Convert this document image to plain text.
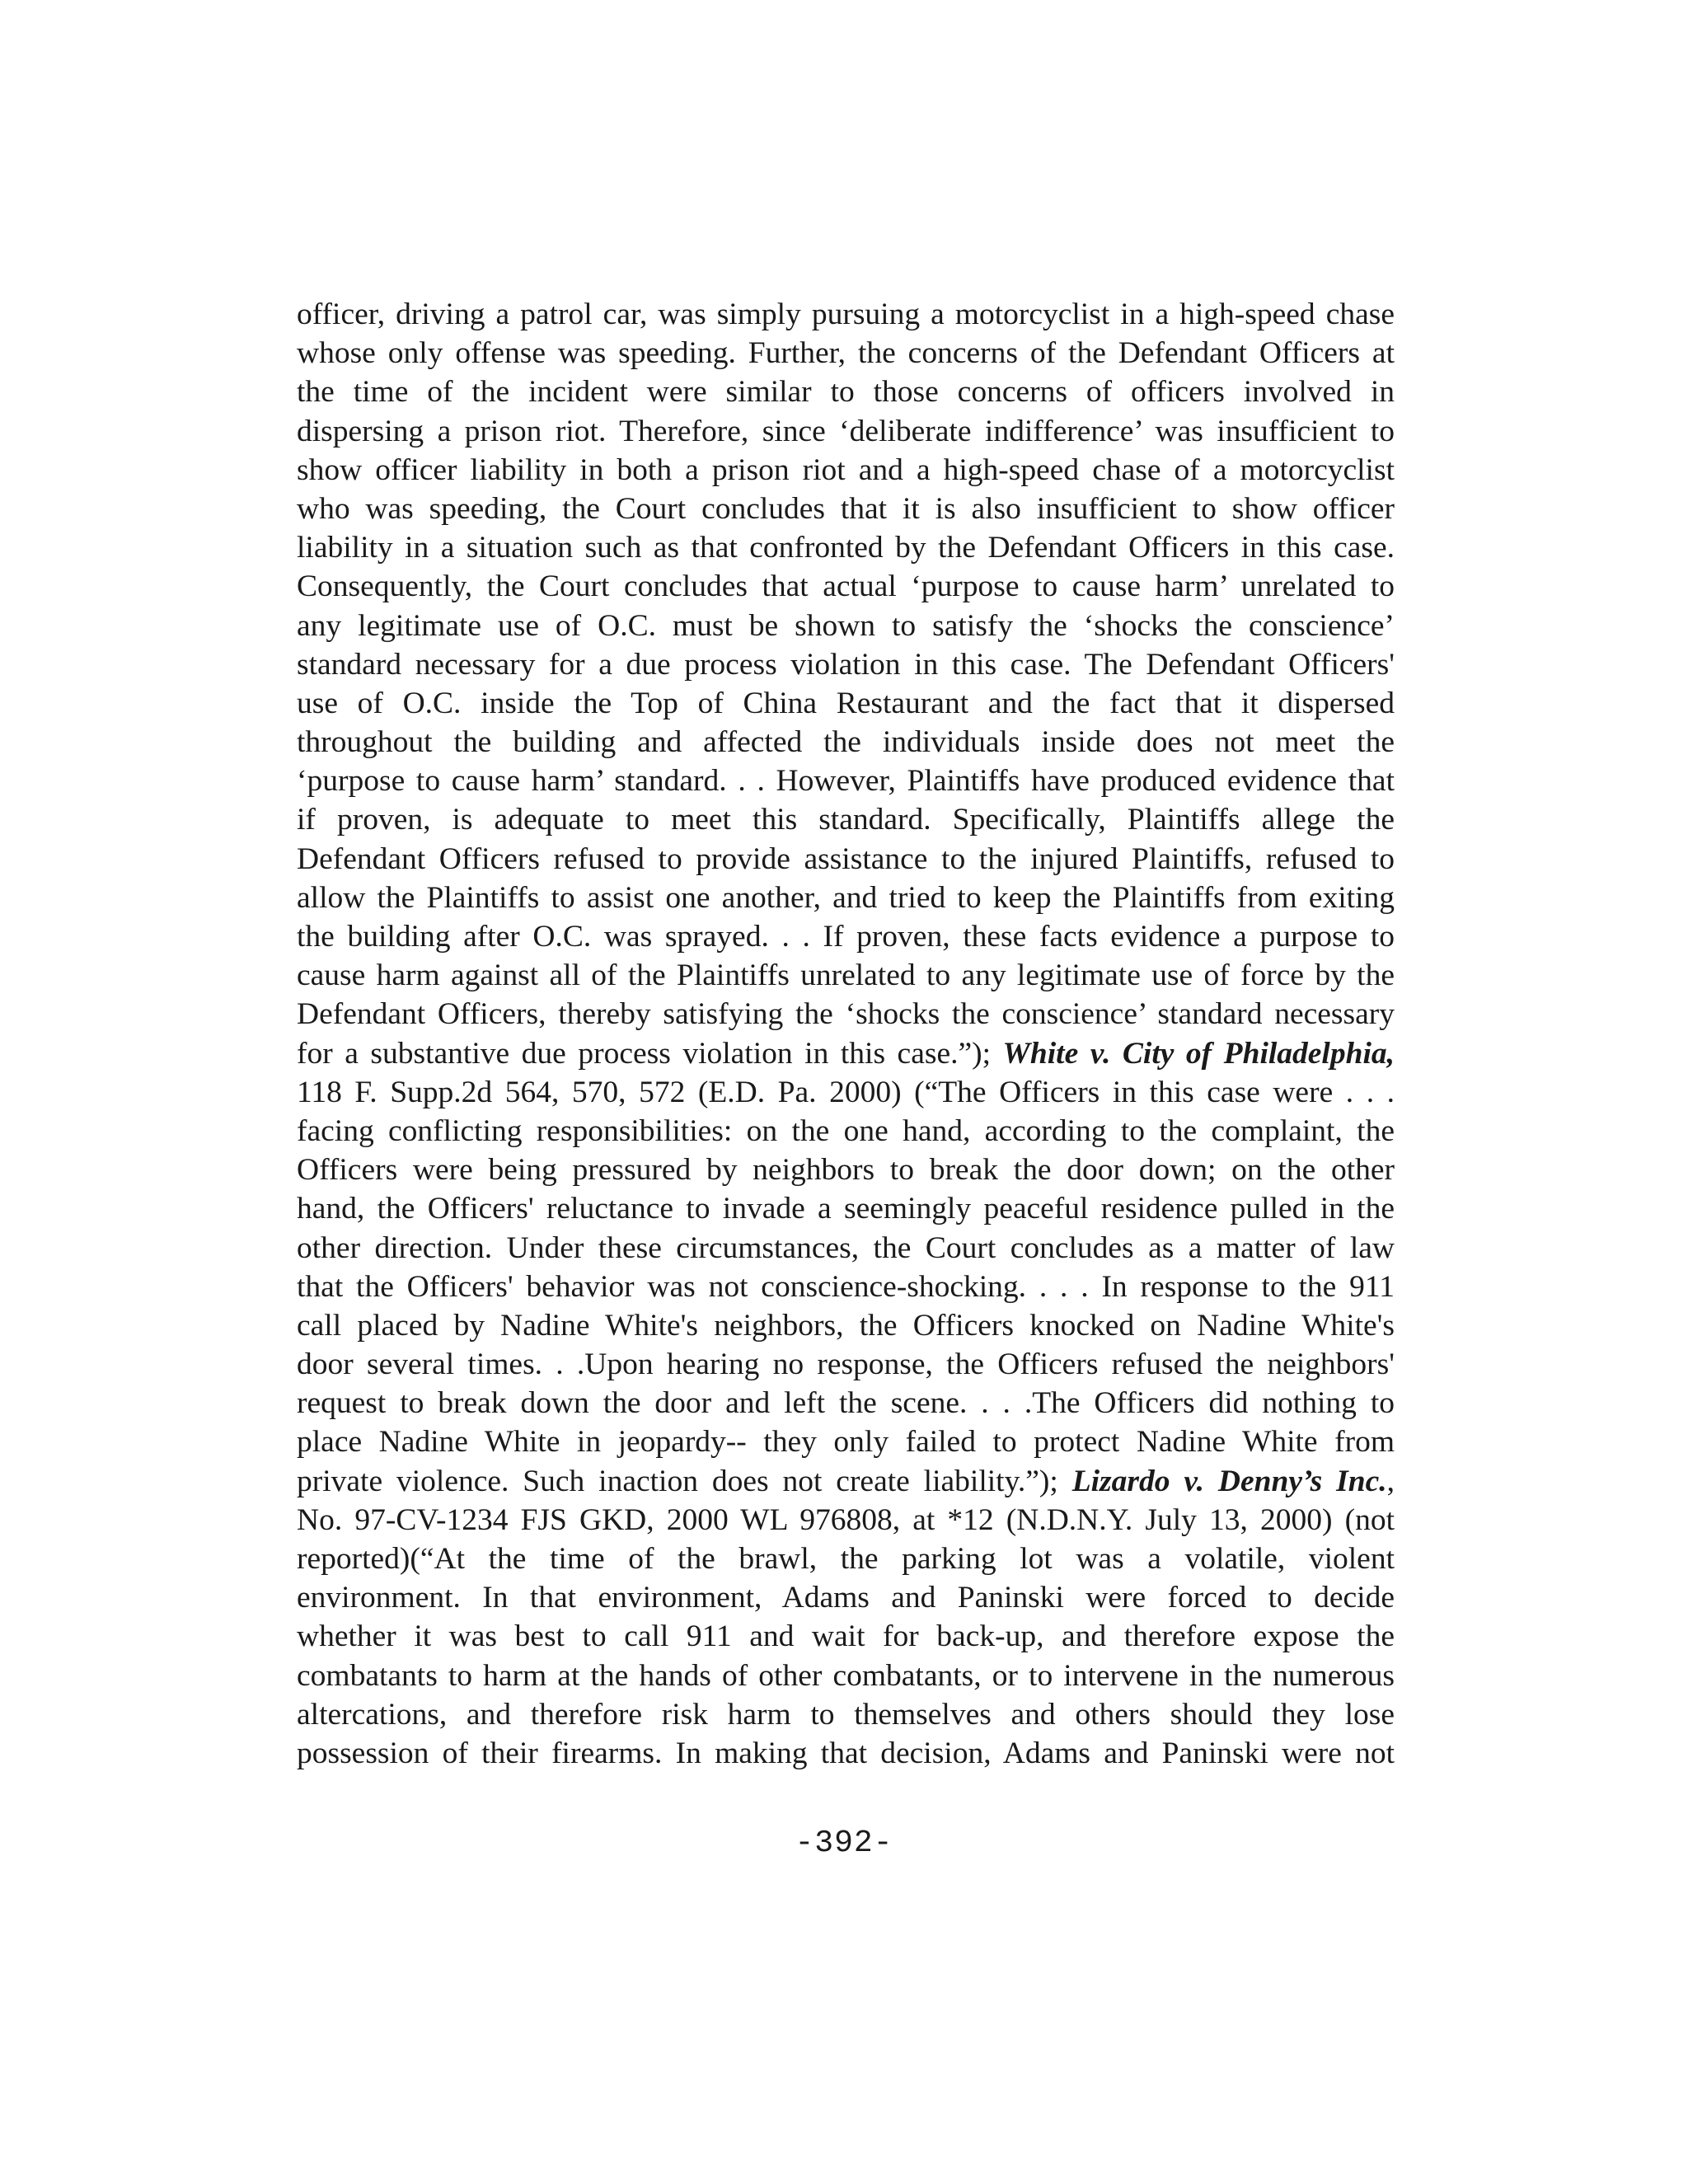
officer, driving a patrol car, was simply pursuing a motorcyclist in a high-speed chase
whose only offense was speeding. Further, the concerns of the Defendant Officers at
the time of the incident were similar to those concerns of officers involved in
dispersing a prison riot. Therefore, since ‘deliberate indifference’ was insufficient to
show officer liability in both a prison riot and a high-speed chase of a motorcyclist
who was speeding, the Court concludes that it is also insufficient to show officer
liability in a situation such as that confronted by the Defendant Officers in this case.
Consequently, the Court concludes that actual ‘purpose to cause harm’ unrelated to
any legitimate use of O.C. must be shown to satisfy the ‘shocks the conscience’
standard necessary for a due process violation in this case. The Defendant Officers'
use of O.C. inside the Top of China Restaurant and the fact that it dispersed
throughout the building and affected the individuals inside does not meet the
‘purpose to cause harm’ standard. . . However, Plaintiffs have produced evidence that
if proven, is adequate to meet this standard. Specifically, Plaintiffs allege the
Defendant Officers refused to provide assistance to the injured Plaintiffs, refused to
allow the Plaintiffs to assist one another, and tried to keep the Plaintiffs from exiting
the building after O.C. was sprayed. . . If proven, these facts evidence a purpose to
cause harm against all of the Plaintiffs unrelated to any legitimate use of force by the
Defendant Officers, thereby satisfying the ‘shocks the conscience’ standard necessary
for a substantive due process violation in this case.”); White v. City of Philadelphia,
118 F. Supp.2d 564, 570, 572 (E.D. Pa. 2000) (“The Officers in this case were . . .
facing conflicting responsibilities: on the one hand, according to the complaint, the
Officers were being pressured by neighbors to break the door down; on the other
hand, the Officers' reluctance to invade a seemingly peaceful residence pulled in the
other direction. Under these circumstances, the Court concludes as a matter of law
that the Officers' behavior was not conscience-shocking. . . . In response to the 911
call placed by Nadine White's neighbors, the Officers knocked on Nadine White's
door several times. . .Upon hearing no response, the Officers refused the neighbors'
request to break down the door and left the scene. . . .The Officers did nothing to
place Nadine White in jeopardy-- they only failed to protect Nadine White from
private violence. Such inaction does not create liability.”); Lizardo v. Denny’s Inc.,
No. 97-CV-1234 FJS GKD, 2000 WL 976808, at *12 (N.D.N.Y. July 13, 2000) (not
reported)(“At the time of the brawl, the parking lot was a volatile, violent
environment. In that environment, Adams and Paninski were forced to decide
whether it was best to call 911 and wait for back-up, and therefore expose the
combatants to harm at the hands of other combatants, or to intervene in the numerous
altercations, and therefore risk harm to themselves and others should they lose
possession of their firearms. In making that decision, Adams and Paninski were not
-392-
